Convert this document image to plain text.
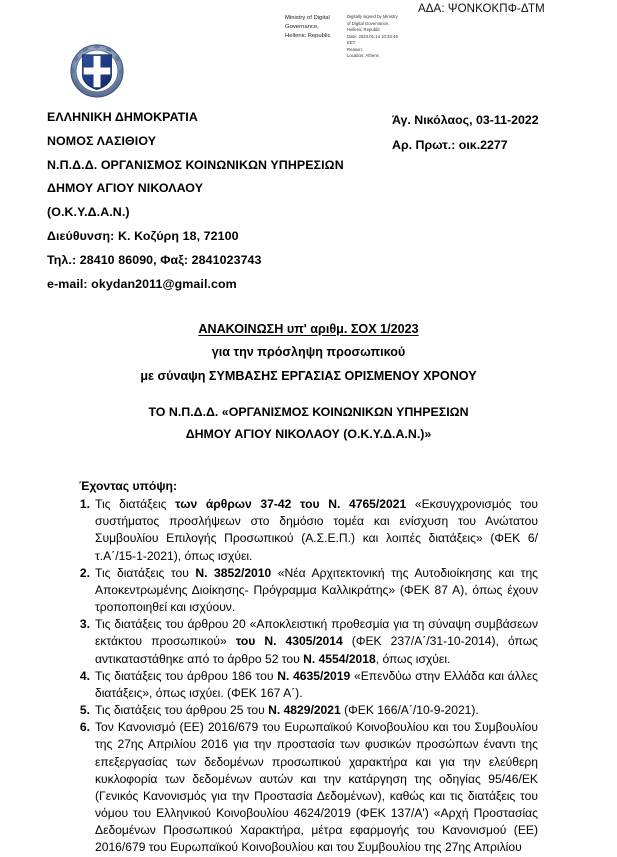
ΑΔΑ: ΨΟΝΚΟΚΠΦ-ΔΤΜ
Ministry of Digital
Governance,
Hellenic Republic
Digitally signed by Ministry
of Digital Governance,
Hellenic Republic
Date: 2023.01.14 10:33:45
EET
Reason:
Location: Athens
ΕΛΛΗΝΙΚΗ ΔΗΜΟΚΡΑΤΙΑ
ΝΟΜΟΣ ΛΑΣΙΘΙΟΥ
Ν.Π.Δ.Δ. ΟΡΓΑΝΙΣΜΟΣ ΚΟΙΝΩΝΙΚΩΝ ΥΠΗΡΕΣΙΩΝ
ΔΗΜΟΥ ΑΓΙΟΥ ΝΙΚΟΛΑΟΥ
(Ο.Κ.Υ.Δ.Α.Ν.)
Διεύθυνση: Κ. Κοζύρη 18, 72100
Τηλ.: 28410 86090, Φαξ: 2841023743
e-mail: okydan2011@gmail.com
Άγ. Νικόλαος, 03-11-2022
Αρ. Πρωτ.: οικ.2277
ΑΝΑΚΟΙΝΩΣΗ υπ' αριθμ. ΣΟΧ 1/2023
για την πρόσληψη προσωπικού
με σύναψη ΣΥΜΒΑΣΗΣ ΕΡΓΑΣΙΑΣ ΟΡΙΣΜΕΝΟΥ ΧΡΟΝΟΥ
ΤΟ Ν.Π.Δ.Δ. «ΟΡΓΑΝΙΣΜΟΣ ΚΟΙΝΩΝΙΚΩΝ ΥΠΗΡΕΣΙΩΝ
ΔΗΜΟΥ ΑΓΙΟΥ ΝΙΚΟΛΑΟΥ (Ο.Κ.Υ.Δ.Α.Ν.)»
Έχοντας υπόψη:
1. Τις διατάξεις των άρθρων 37-42 του Ν. 4765/2021 «Εκσυγχρονισμός του συστήματος προσλήψεων στο δημόσιο τομέα και ενίσχυση του Ανώτατου Συμβουλίου Επιλογής Προσωπικού (Α.Σ.Ε.Π.) και λοιπές διατάξεις» (ΦΕΚ 6/τ.Α΄/15-1-2021), όπως ισχύει.
2. Τις διατάξεις του Ν. 3852/2010 «Νέα Αρχιτεκτονική της Αυτοδιοίκησης και της Αποκεντρωμένης Διοίκησης- Πρόγραμμα Καλλικράτης» (ΦΕΚ 87 Α), όπως έχουν τροποποιηθεί και ισχύουν.
3. Τις διατάξεις του άρθρου 20 «Αποκλειστική προθεσμία για τη σύναψη συμβάσεων εκτάκτου προσωπικού» του Ν. 4305/2014 (ΦΕΚ 237/Α΄/31-10-2014), όπως αντικαταστάθηκε από το άρθρο 52 του Ν. 4554/2018, όπως ισχύει.
4. Τις διατάξεις του άρθρου 186 του Ν. 4635/2019 «Επενδύω στην Ελλάδα και άλλες διατάξεις», όπως ισχύει. (ΦΕΚ 167 Α΄).
5. Τις διατάξεις του άρθρου 25 του Ν. 4829/2021 (ΦΕΚ 166/Α΄/10-9-2021).
6. Τον Κανονισμό (ΕΕ) 2016/679 του Ευρωπαϊκού Κοινοβουλίου και του Συμβουλίου της 27ης Απριλίου 2016 για την προστασία των φυσικών προσώπων έναντι της επεξεργασίας των δεδομένων προσωπικού χαρακτήρα και για την ελεύθερη κυκλοφορία των δεδομένων αυτών και την κατάργηση της οδηγίας 95/46/ΕΚ (Γενικός Κανονισμός για την Προστασία Δεδομένων), καθώς και τις διατάξεις του νόμου του Ελληνικού Κοινοβουλίου 4624/2019 (ΦΕΚ 137/Α') «Αρχή Προστασίας Δεδομένων Προσωπικού Χαρακτήρα, μέτρα εφαρμογής του Κανονισμού (ΕΕ) 2016/679 του Ευρωπαϊκού Κοινοβουλίου και του Συμβουλίου της 27ης Απριλίου
